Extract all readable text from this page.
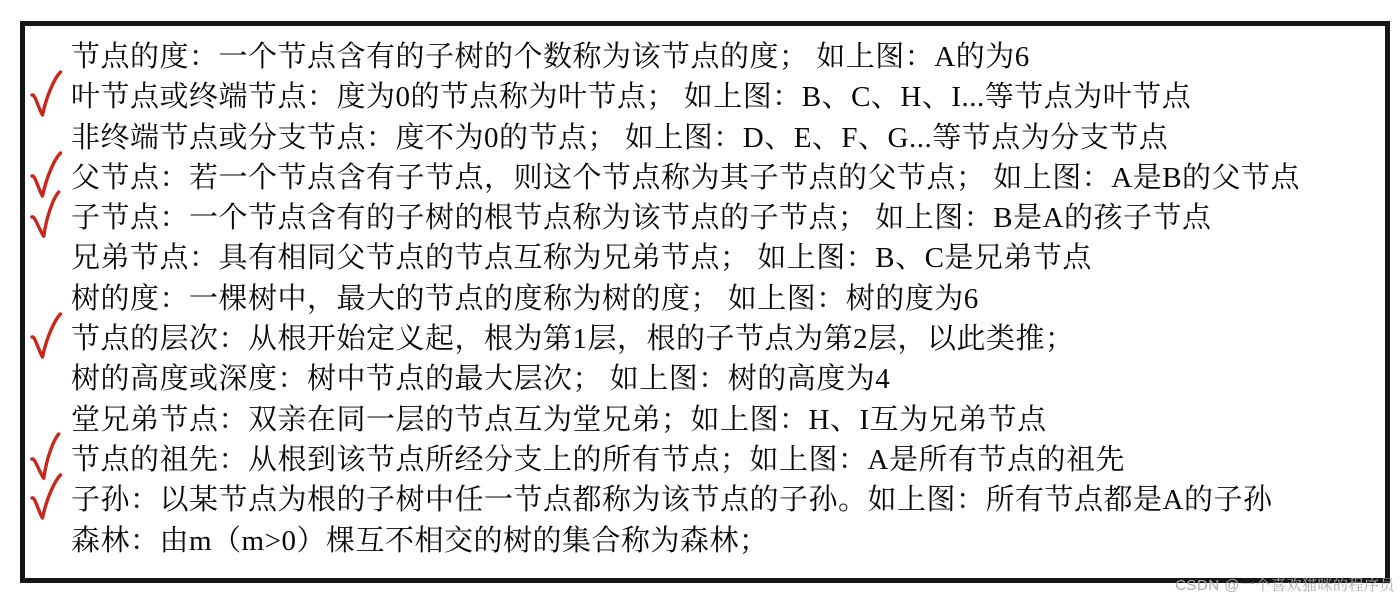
节点的度：一个节点含有的子树的个数称为该节点的度； 如上图：A的为6
叶节点或终端节点：度为0的节点称为叶节点； 如上图：B、C、H、I...等节点为叶节点
非终端节点或分支节点：度不为0的节点； 如上图：D、E、F、G...等节点为分支节点
父节点：若一个节点含有子节点，则这个节点称为其子节点的父节点； 如上图：A是B的父节点
子节点：一个节点含有的子树的根节点称为该节点的子节点； 如上图：B是A的孩子节点
兄弟节点：具有相同父节点的节点互称为兄弟节点； 如上图：B、C是兄弟节点
树的度：一棵树中，最大的节点的度称为树的度； 如上图：树的度为6
节点的层次：从根开始定义起，根为第1层，根的子节点为第2层，以此类推；
树的高度或深度：树中节点的最大层次； 如上图：树的高度为4
堂兄弟节点：双亲在同一层的节点互为堂兄弟；如上图：H、I互为兄弟节点
节点的祖先：从根到该节点所经分支上的所有节点；如上图：A是所有节点的祖先
子孙：以某节点为根的子树中任一节点都称为该节点的子孙。如上图：所有节点都是A的子孙
森林：由m（m>0）棵互不相交的树的集合称为森林；
CSDN @一个喜欢猫咪的程序员
